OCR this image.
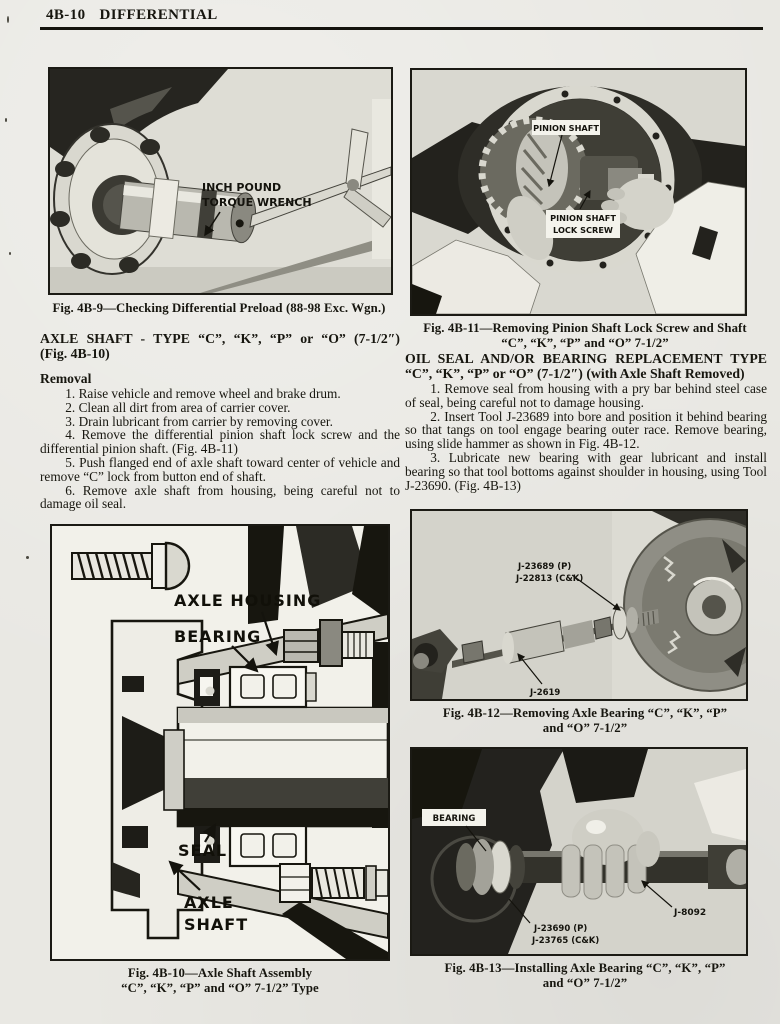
4B-10 DIFFERENTIAL
INCH POUND
TORQUE WRENCH
Fig. 4B-9—Checking Differential Preload (88-98 Exc. Wgn.)
AXLE SHAFT - TYPE “C”, “K”, “P” or “O” (7-1/2″)
(Fig. 4B-10)
Removal

1. Raise vehicle and remove wheel and brake drum.

2. Clean all dirt from area of carrier cover.

3. Drain lubricant from carrier by removing cover.

4. Remove the differential pinion shaft lock screw and the differential pinion shaft. (Fig. 4B-11)

5. Push flanged end of axle shaft toward center of vehicle and remove “C” lock from button end of shaft.

6. Remove axle shaft from housing, being careful not to damage oil seal.

AXLE HOUSING
BEARING
SEAL
AXLE
SHAFT
Fig. 4B-10—Axle Shaft Assembly
“C”, “K”, “P” and “O” 7-1/2” Type
PINION SHAFT
PINION SHAFT
LOCK SCREW
Fig. 4B-11—Removing Pinion Shaft Lock Screw and Shaft
“C”, “K”, “P” and “O” 7-1/2”
OIL SEAL AND/OR BEARING REPLACEMENT TYPE
“C”, “K”, “P” or “O” (7-1/2″) (with Axle Shaft Removed)

1. Remove seal from housing with a pry bar behind steel case of seal, being careful not to damage housing.

2. Insert Tool J-23689 into bore and position it behind bearing so that tangs on tool engage bearing outer race. Remove bearing, using slide hammer as shown in Fig. 4B-12.

3. Lubricate new bearing with gear lubricant and install bearing so that tool bottoms against shoulder in housing, using Tool J-23690. (Fig. 4B-13)

J-23689 (P)
J-22813 (C&K)
J-2619
Fig. 4B-12—Removing Axle Bearing “C”, “K”, “P”
and “O” 7-1/2”
BEARING
J-8092
J-23690 (P)
J-23765 (C&K)
Fig. 4B-13—Installing Axle Bearing “C”, “K”, “P”
and “O” 7-1/2”
